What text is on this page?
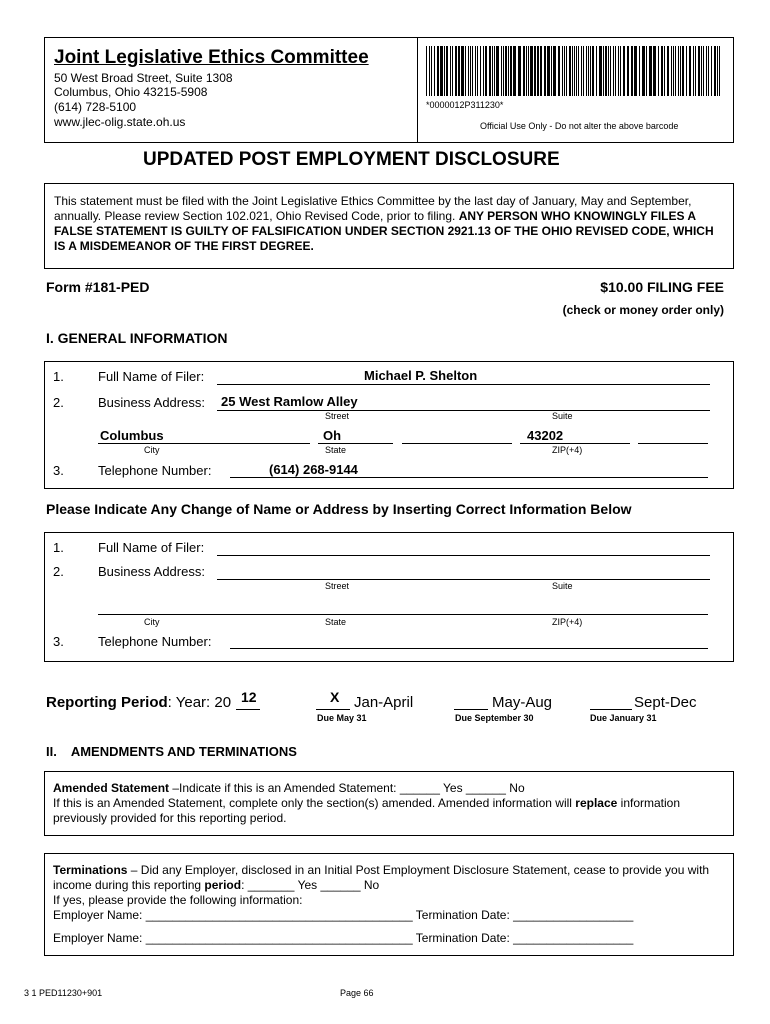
Joint Legislative Ethics Committee
50 West Broad Street, Suite 1308
Columbus, Ohio 43215-5908
(614) 728-5100
www.jlec-olig.state.oh.us
*0000012P311230*
Official Use Only - Do not alter the above barcode
UPDATED POST EMPLOYMENT DISCLOSURE
This statement must be filed with the Joint Legislative Ethics Committee by the last day of January, May and September, annually. Please review Section 102.021, Ohio Revised Code, prior to filing. ANY PERSON WHO KNOWINGLY FILES A FALSE STATEMENT IS GUILTY OF FALSIFICATION UNDER SECTION 2921.13 OF THE OHIO REVISED CODE, WHICH IS A MISDEMEANOR OF THE FIRST DEGREE.
Form #181-PED	$10.00 FILING FEE
(check or money order only)
I. GENERAL INFORMATION
1.	Full Name of Filer:	Michael P. Shelton
2.	Business Address: 25 West Ramlow Alley
Street	Suite
Columbus	Oh	43202
City	State	ZIP(+4)
3.	Telephone Number:	(614) 268-9144
Please Indicate Any Change of Name or Address by Inserting Correct Information Below
1.	Full Name of Filer:
2.	Business Address:
Street	Suite
City	State	ZIP(+4)
3.	Telephone Number:
Reporting Period: Year: 20 12	X Jan-April
Due May 31
May-Aug
Due September 30
Sept-Dec
Due January 31
II. AMENDMENTS AND TERMINATIONS
Amended Statement –Indicate if this is an Amended Statement: ______ Yes ______ No
If this is an Amended Statement, complete only the section(s) amended. Amended information will replace information previously provided for this reporting period.
Terminations – Did any Employer, disclosed in an Initial Post Employment Disclosure Statement, cease to provide you with income during this reporting period: _______ Yes ______ No
If yes, please provide the following information:
Employer Name: ________________________________________ Termination Date: __________________
Employer Name: ________________________________________ Termination Date: __________________
3 1 PED11230+901	Page 66
